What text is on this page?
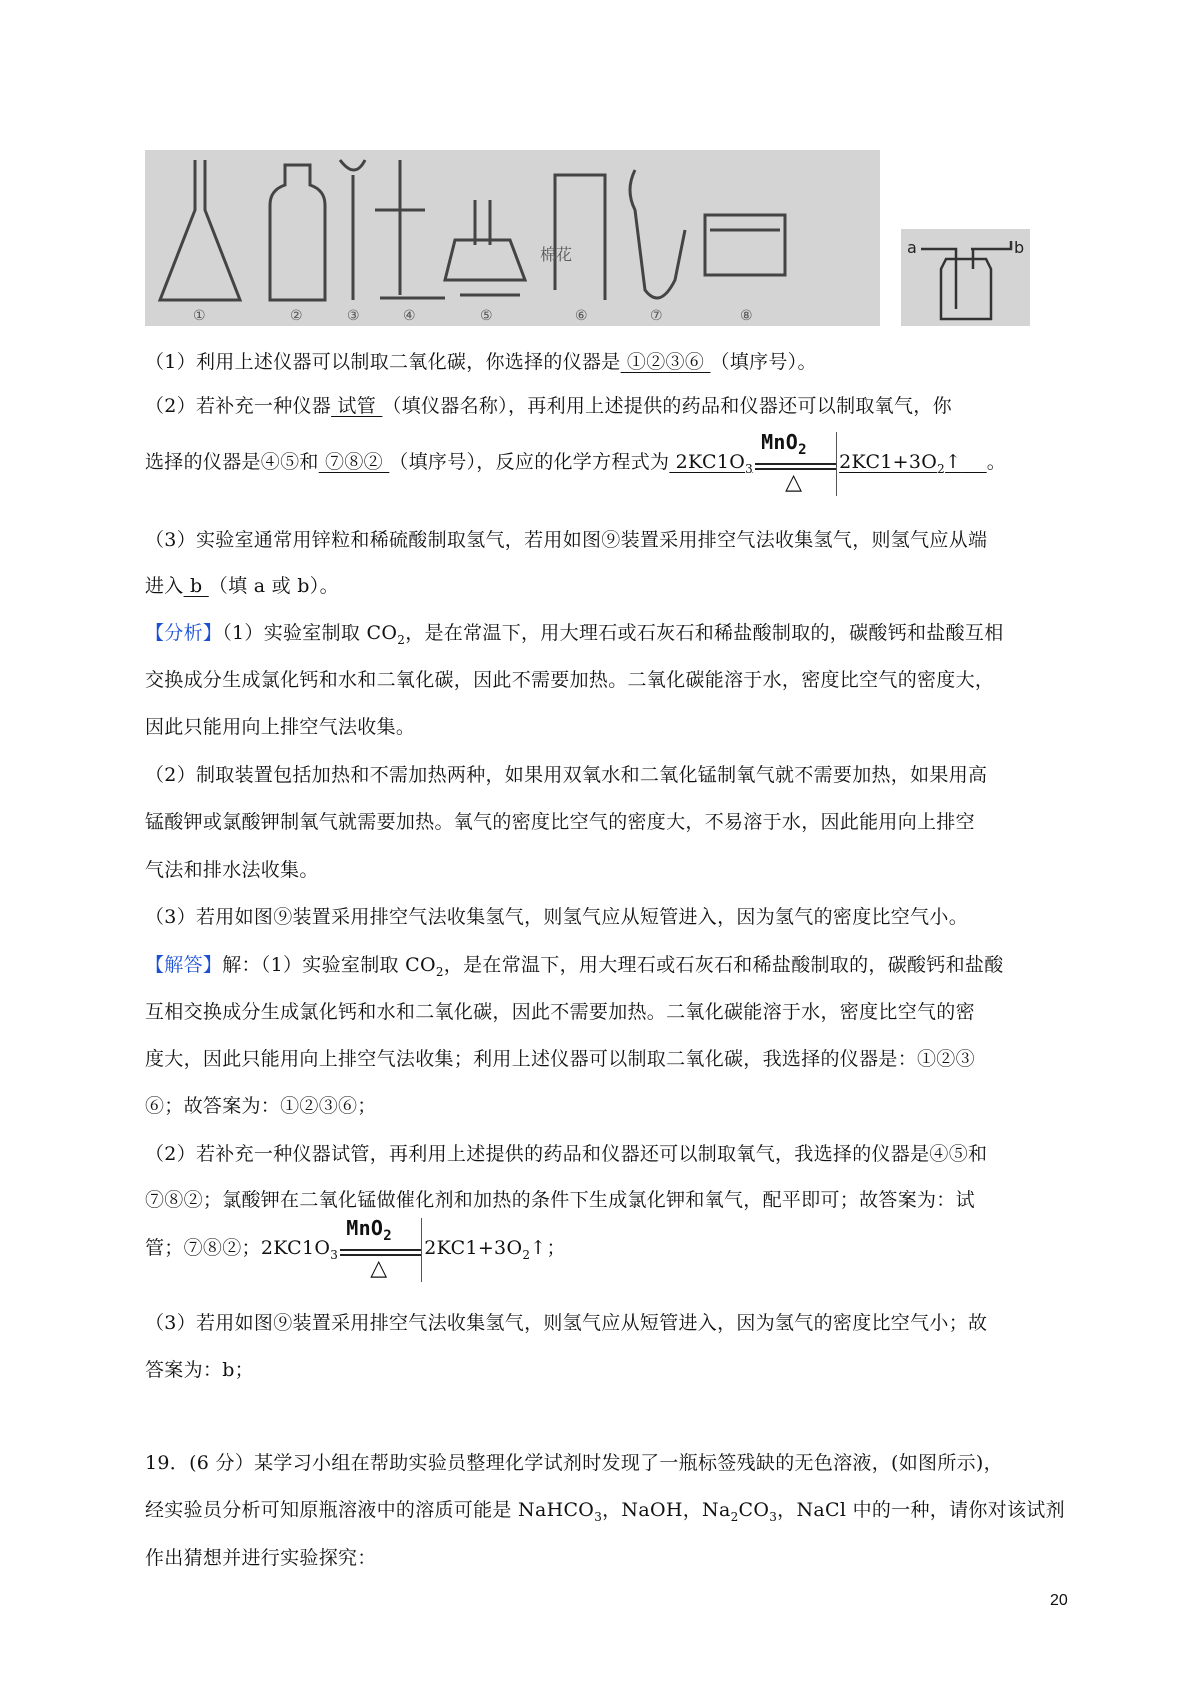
①	②	③	④	⑤	⑥	⑦	⑧
棉花	a	b
（1）利用上述仪器可以制取二氧化碳，你选择的仪器是 ①②③⑥ （填序号）。
（2）若补充一种仪器 试管 （填仪器名称），再利用上述提供的药品和仪器还可以制取氧气，你
选择的仪器是④⑤和 ⑦⑧② （填序号），反应的化学方程式为 $2KC1O_3$
MnO$_2$
△
$2KC1+3O_2↑$ 。
（3）实验室通常用锌粒和稀硫酸制取氢气，若用如图⑨装置采用排空气法收集氢气，则氢气应从端
进入 b （填 a 或 b）。
【分析】（1）实验室制取 $CO_2$，是在常温下，用大理石或石灰石和稀盐酸制取的，碳酸钙和盐酸互相
交换成分生成氯化钙和水和二氧化碳，因此不需要加热。二氧化碳能溶于水，密度比空气的密度大，
因此只能用向上排空气法收集。
（2）制取装置包括加热和不需加热两种，如果用双氧水和二氧化锰制氧气就不需要加热，如果用高
锰酸钾或氯酸钾制氧气就需要加热。氧气的密度比空气的密度大，不易溶于水，因此能用向上排空
气法和排水法收集。
（3）若用如图⑨装置采用排空气法收集氢气，则氢气应从短管进入，因为氢气的密度比空气小。
【解答】解：（1）实验室制取 $CO_2$，是在常温下，用大理石或石灰石和稀盐酸制取的，碳酸钙和盐酸
互相交换成分生成氯化钙和水和二氧化碳，因此不需要加热。二氧化碳能溶于水，密度比空气的密
度大，因此只能用向上排空气法收集；利用上述仪器可以制取二氧化碳，我选择的仪器是：①②③
⑥；故答案为：①②③⑥；
（2）若补充一种仪器试管，再利用上述提供的药品和仪器还可以制取氧气，我选择的仪器是④⑤和
⑦⑧②；氯酸钾在二氧化锰做催化剂和加热的条件下生成氯化钾和氧气，配平即可；故答案为：试
管；⑦⑧②；$2KC1O_3$
MnO$_2$
△
$2KC1+3O_2↑$；
（3）若用如图⑨装置采用排空气法收集氢气，则氢气应从短管进入，因为氢气的密度比空气小；故
答案为：b；
19．(6 分）某学习小组在帮助实验员整理化学试剂时发现了一瓶标签残缺的无色溶液，(如图所示)，
经实验员分析可知原瓶溶液中的溶质可能是 NaHCO$_3$，NaOH，$Na_2CO_3$，NaCl 中的一种，请你对该试剂
作出猜想并进行实验探究：
20
